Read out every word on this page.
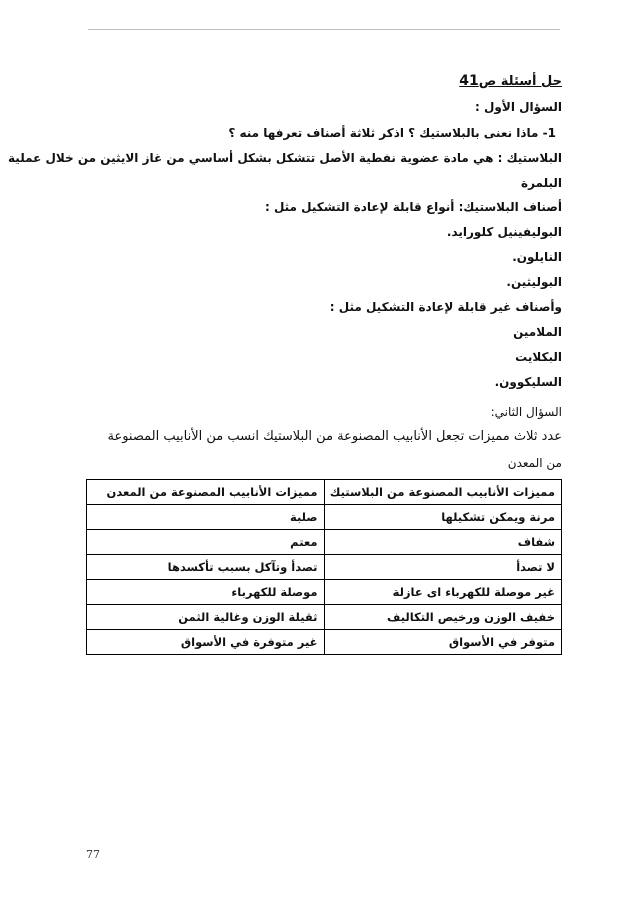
حل أسئلة ص41
السؤال الأول :
1- ماذا نعنى بالبلاستيك ؟ اذكر ثلاثة أصناف تعرفها منه ؟
البلاستيك : هي مادة عضوية نفطية الأصل تتشكل بشكل أساسي من غاز الايثين من خلال عملية
البلمرة
أصناف البلاستيك: أنواع قابلة لإعادة التشكيل مثل :
البوليفينيل كلورايد.
النايلون.
البوليثين.
وأصناف غير قابلة لإعادة التشكيل مثل :
الملامين
البكلايت
السليكوون.
السؤال الثاني:
عدد ثلاث مميزات تجعل الأنابيب المصنوعة من البلاستيك انسب من الأنابيب المصنوعة
من المعدن
مميزات الأنابيب المصنوعة من البلاستيك	مميزات الأنابيب المصنوعة من المعدن
مرنة ويمكن تشكيلها	صلبة
شفاف	معتم
لا تصدأ	تصدأ وتآكل بسبب تأكسدها
غير موصلة للكهرباء اى عازلة	موصلة للكهرباء
خفيف الوزن ورخيص التكاليف	ثقيلة الوزن وغالية الثمن
متوفر في الأسواق	غير متوفرة في الأسواق
77
